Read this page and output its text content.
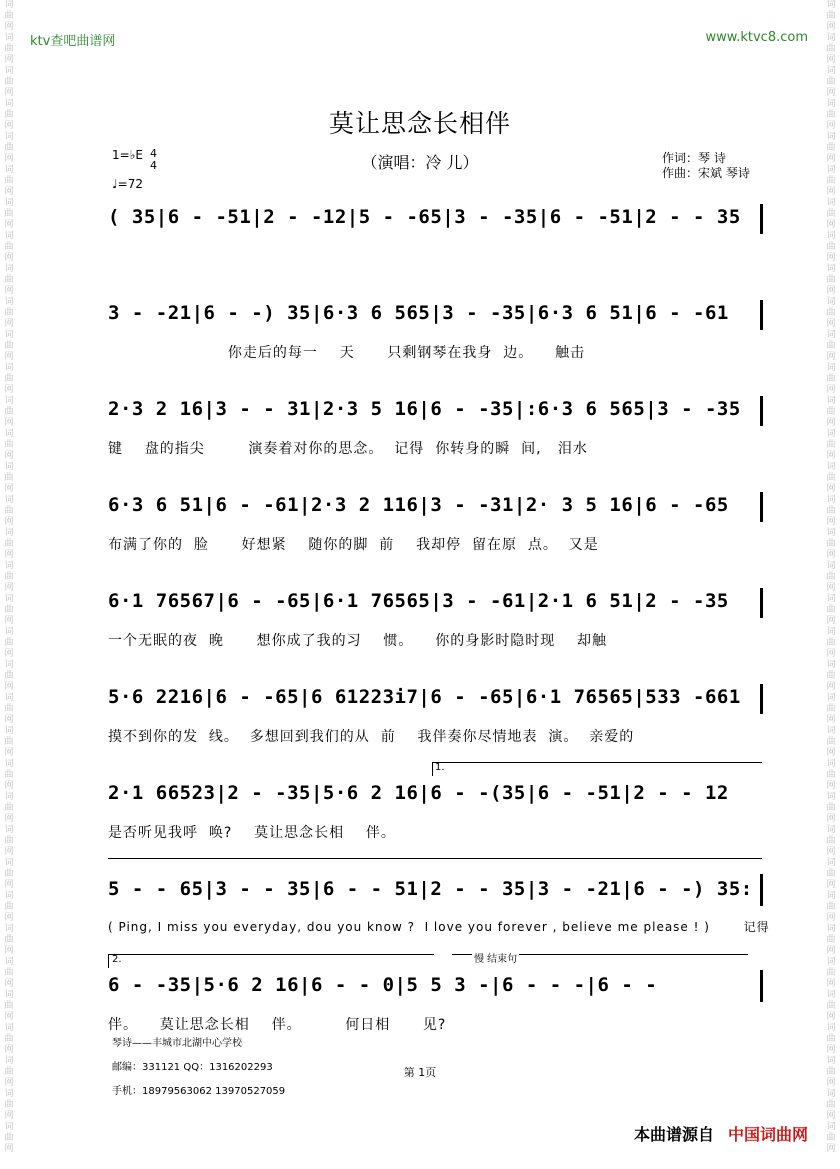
词曲网词曲网词曲网词曲网词曲网词曲网词曲网词曲网词曲网词曲网词曲网词曲网词曲网词曲网词曲网词曲网词曲网词曲网词曲网词曲网词曲网词曲网词曲网词曲网词曲网词曲网词曲网词曲网词曲网词曲网词曲网词曲网词曲网词曲网词曲网
词曲网词曲网词曲网词曲网词曲网词曲网词曲网词曲网词曲网词曲网词曲网词曲网词曲网词曲网词曲网词曲网词曲网词曲网词曲网词曲网词曲网词曲网词曲网词曲网词曲网词曲网词曲网词曲网词曲网词曲网词曲网词曲网词曲网词曲网词曲网
ktv查吧曲谱网	www.ktvc8.com
莫让思念长相伴
（演唱：冷 儿）
1=♭E 4
4
♩=72
作词：琴 诗
作曲：宋斌 琴诗
( 35|6 - -51|2 - -12|5 - -65|3 - -35|6 - -51|2 - - 35
3 - -21|6 - -) 35|6·3 6 565|3 - -35|6·3 6 51|6 - -61
你走后的每一    天      只剩钢琴在我身  边。    触击
2·3 2 16|3 - - 31|2·3 5 16|6 - -35|:6·3 6 565|3 - -35
键    盘的指尖        演奏着对你的思念。  记得  你转身的瞬  间,   泪水
6·3 6 51|6 - -61|2·3 2 116|3 - -31|2· 3 5 16|6 - -65
布满了你的  脸      好想紧    随你的脚  前    我却停  留在原  点。  又是
6·1 76567|6 - -65|6·1 76565|3 - -61|2·1 6 51|2 - -35
一个无眠的夜  晚      想你成了我的习    惯。    你的身影时隐时现    却触
5·6 2216|6 - -65|6 61223i7|6 - -65|6·1 76565|533 -661
摸不到你的发  线。  多想回到我们的从  前    我伴奏你尽情地表  演。  亲爱的
1.
2·1 66523|2 - -35|5·6 2 16|6 - -(35|6 - -51|2 - - 12
是否听见我呼  唤?    莫让思念长相    伴。
5 - - 65|3 - - 35|6 - - 51|2 - - 35|3 - -21|6 - -) 35:
( Ping, I miss you everyday, dou you know ?  I love you forever , believe me please ! )       记得
2.	慢 结束句
6 - -35|5·6 2 16|6 - - 0|5 5 3 -|6 - - -|6 - -
伴。    莫让思念长相    伴。        何日相      见?
琴诗——丰城市北湖中心学校
邮编：331121 QQ：1316202293
手机：18979563062 13970527059
第 1页
本曲谱源自 中国词曲网
